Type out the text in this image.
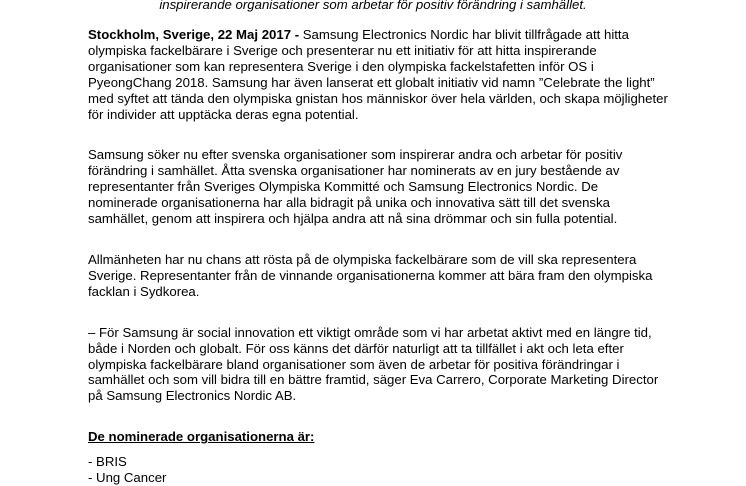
inspirerande organisationer som arbetar för positiv förändring i samhället.

Stockholm, Sverige, 22 Maj 2017 - Samsung Electronics Nordic har blivit tillfrågade att hitta olympiska fackelbärare i Sverige och presenterar nu ett initiativ för att hitta inspirerande organisationer som kan representera Sverige i den olympiska fackelstafetten inför OS i PyeongChang 2018. Samsung har även lanserat ett globalt initiativ vid namn ”Celebrate the light” med syftet att tända den olympiska gnistan hos människor över hela världen, och skapa möjligheter för individer att upptäcka deras egna potential.

Samsung söker nu efter svenska organisationer som inspirerar andra och arbetar för positiv förändring i samhället. Åtta svenska organisationer har nominerats av en jury bestående av representanter från Sveriges Olympiska Kommitté och Samsung Electronics Nordic. De nominerade organisationerna har alla bidragit på unika och innovativa sätt till det svenska samhället, genom att inspirera och hjälpa andra att nå sina drömmar och sin fulla potential.

Allmänheten har nu chans att rösta på de olympiska fackelbärare som de vill ska representera Sverige. Representanter från de vinnande organisationerna kommer att bära fram den olympiska facklan i Sydkorea.

– För Samsung är social innovation ett viktigt område som vi har arbetat aktivt med en längre tid, både i Norden och globalt. För oss känns det därför naturligt att ta tillfället i akt och leta efter olympiska fackelbärare bland organisationer som även de arbetar för positiva förändringar i samhället och som vill bidra till en bättre framtid, säger Eva Carrero, Corporate Marketing Director på Samsung Electronics Nordic AB.

De nominerade organisationerna är:

- BRIS
- Ung Cancer
